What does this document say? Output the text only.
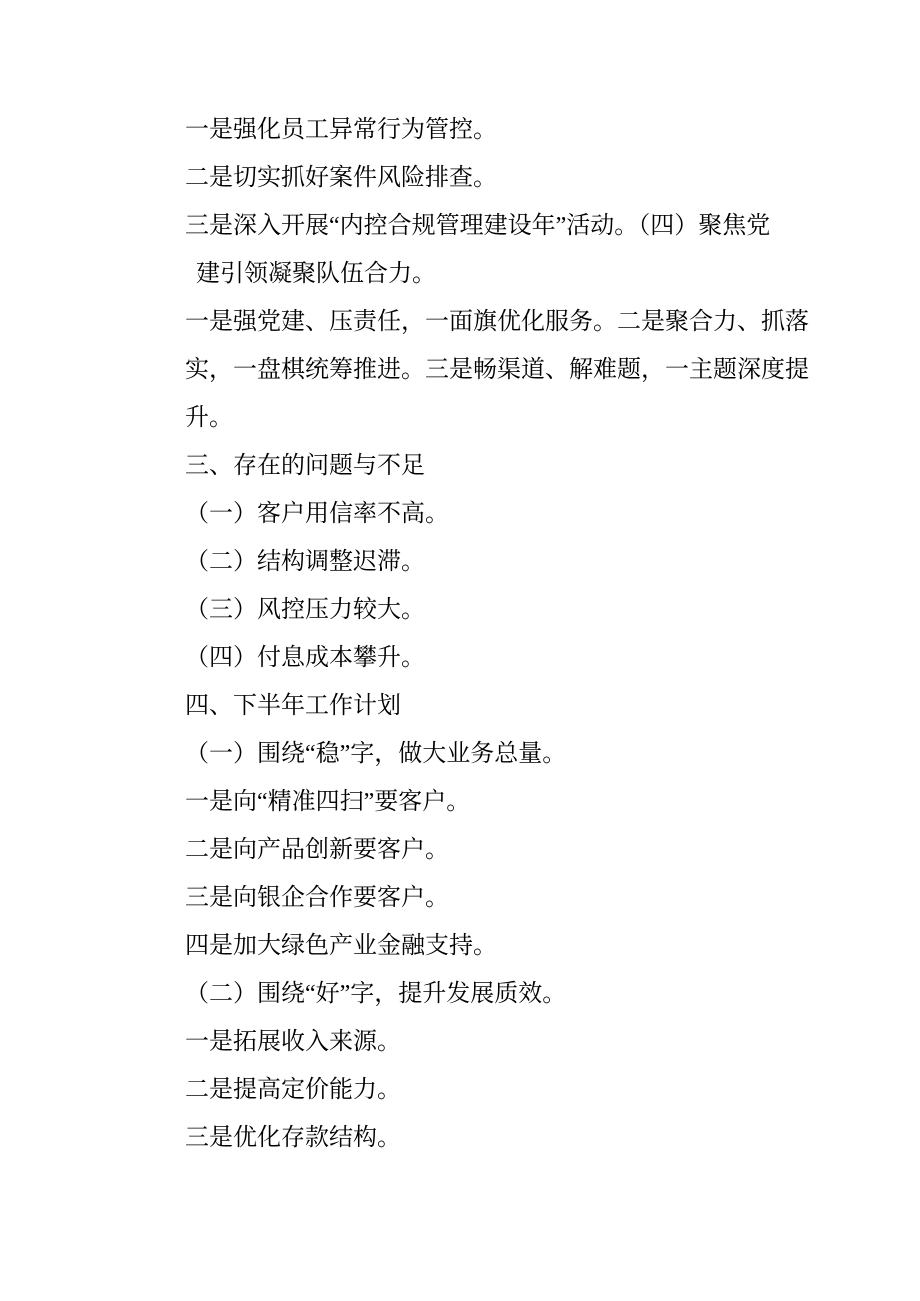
一是强化员工异常行为管控。
二是切实抓好案件风险排查。
三是深入开展“内控合规管理建设年”活动。（四）聚焦党
建引领凝聚队伍合力。
一是强党建、压责任，一面旗优化服务。二是聚合力、抓落
实，一盘棋统筹推进。三是畅渠道、解难题，一主题深度提
升。
三、存在的问题与不足
（一）客户用信率不高。
（二）结构调整迟滞。
（三）风控压力较大。
（四）付息成本攀升。
四、下半年工作计划
（一）围绕“稳”字，做大业务总量。
一是向“精准四扫”要客户。
二是向产品创新要客户。
三是向银企合作要客户。
四是加大绿色产业金融支持。
（二）围绕“好”字，提升发展质效。
一是拓展收入来源。
二是提高定价能力。
三是优化存款结构。
